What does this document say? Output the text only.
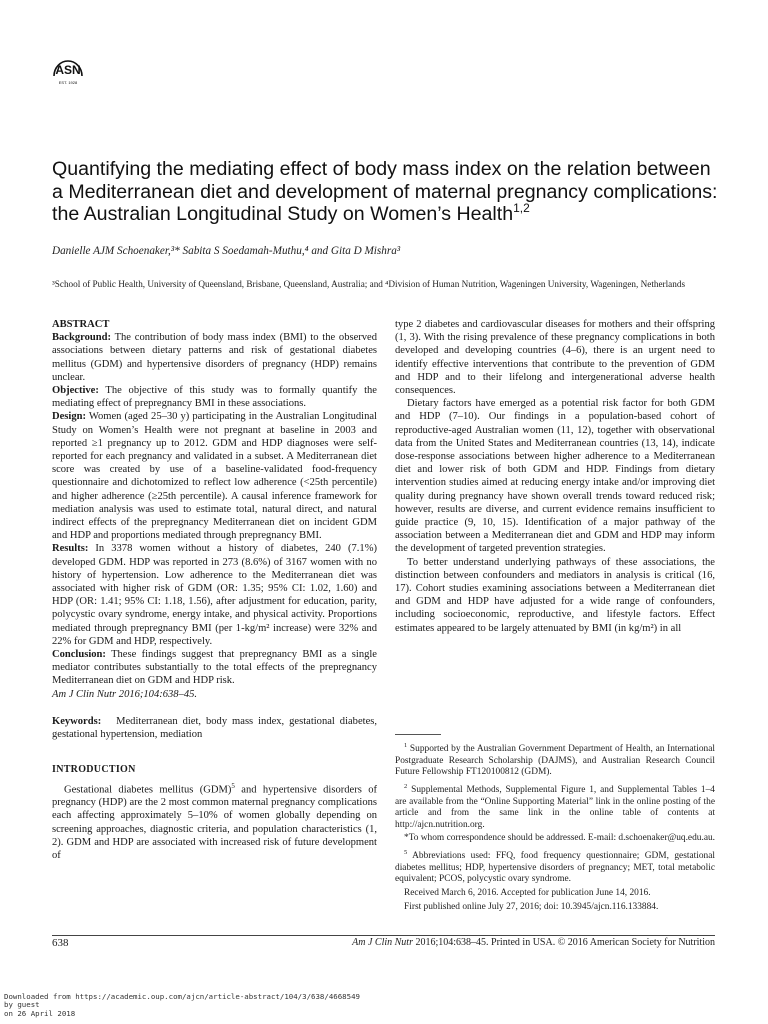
ASN
EST. 1928
Quantifying the mediating effect of body mass index on the relation between a Mediterranean diet and development of maternal pregnancy complications: the Australian Longitudinal Study on Women’s Health$^{1,2}$
Danielle AJM Schoenaker,³* Sabita S Soedamah-Muthu,⁴ and Gita D Mishra³
³School of Public Health, University of Queensland, Brisbane, Queensland, Australia; and ⁴Division of Human Nutrition, Wageningen University, Wageningen, Netherlands

ABSTRACT

Background: The contribution of body mass index (BMI) to the observed associations between dietary patterns and risk of gestational diabetes mellitus (GDM) and hypertensive disorders of pregnancy (HDP) remains unclear.

Objective: The objective of this study was to formally quantify the mediating effect of prepregnancy BMI in these associations.

Design: Women (aged 25–30 y) participating in the Australian Longitudinal Study on Women’s Health were not pregnant at baseline in 2003 and reported ≥1 pregnancy up to 2012. GDM and HDP diagnoses were self-reported for each pregnancy and validated in a subset. A Mediterranean diet score was created by use of a baseline-validated food-frequency questionnaire and dichotomized to reflect low adherence (<25th percentile) and higher adherence (≥25th percentile). A causal inference framework for mediation analysis was used to estimate total, natural direct, and natural indirect effects of the prepregnancy Mediterranean diet on incident GDM and HDP and proportions mediated through prepregnancy BMI.

Results: In 3378 women without a history of diabetes, 240 (7.1%) developed GDM. HDP was reported in 273 (8.6%) of 3167 women with no history of hypertension. Low adherence to the Mediterranean diet was associated with higher risk of GDM (OR: 1.35; 95% CI: 1.02, 1.60) and HDP (OR: 1.41; 95% CI: 1.18, 1.56), after adjustment for education, parity, polycystic ovary syndrome, energy intake, and physical activity. Proportions mediated through prepregnancy BMI (per 1-kg/m² increase) were 32% and 22% for GDM and HDP, respectively.

Conclusion: These findings suggest that prepregnancy BMI as a single mediator contributes substantially to the total effects of the prepregnancy Mediterranean diet on GDM and HDP risk.

Am J Clin Nutr 2016;104:638–45.

Keywords: Mediterranean diet, body mass index, gestational diabetes, gestational hypertension, mediation

INTRODUCTION

Gestational diabetes mellitus (GDM)$^5$ and hypertensive disorders of pregnancy (HDP) are the 2 most common maternal pregnancy complications each affecting approximately 5–10% of women globally depending on screening approaches, diagnostic criteria, and population characteristics (1, 2). GDM and HDP are associated with increased risk of future development of

type 2 diabetes and cardiovascular diseases for mothers and their offspring (1, 3). With the rising prevalence of these pregnancy complications in both developed and developing countries (4–6), there is an urgent need to identify effective interventions that contribute to the prevention of GDM and HDP and to their lifelong and intergenerational adverse health consequences.

Dietary factors have emerged as a potential risk factor for both GDM and HDP (7–10). Our findings in a population-based cohort of reproductive-aged Australian women (11, 12), together with observational data from the United States and Mediterranean countries (13, 14), indicate dose-response associations between higher adherence to a Mediterranean diet and lower risk of both GDM and HDP. Findings from dietary intervention studies aimed at reducing energy intake and/or improving diet quality during pregnancy have shown overall trends toward reduced risk; however, results are diverse, and current evidence remains insufficient to guide practice (9, 10, 15). Identification of a major pathway of the association between a Mediterranean diet and GDM and HDP may inform the development of targeted prevention strategies.

To better understand underlying pathways of these associations, the distinction between confounders and mediators in analysis is critical (16, 17). Cohort studies examining associations between a Mediterranean diet and GDM and HDP have adjusted for a wide range of confounders, including socioeconomic, reproductive, and lifestyle factors. Effect estimates appeared to be largely attenuated by BMI (in kg/m²) in all

$^1$ Supported by the Australian Government Department of Health, an International Postgraduate Research Scholarship (DAJMS), and Australian Research Council Future Fellowship FT120100812 (GDM).

$^2$ Supplemental Methods, Supplemental Figure 1, and Supplemental Tables 1–4 are available from the “Online Supporting Material” link in the online posting of the article and from the same link in the online table of contents at http://ajcn.nutrition.org.

*To whom correspondence should be addressed. E-mail: d.schoenaker@uq.edu.au.

$^5$ Abbreviations used: FFQ, food frequency questionnaire; GDM, gestational diabetes mellitus; HDP, hypertensive disorders of pregnancy; MET, total metabolic equivalent; PCOS, polycystic ovary syndrome.

Received March 6, 2016. Accepted for publication June 14, 2016.

First published online July 27, 2016; doi: 10.3945/ajcn.116.133884.

638	Am J Clin Nutr 2016;104:638–45. Printed in USA. © 2016 American Society for Nutrition
Downloaded from https://academic.oup.com/ajcn/article-abstract/104/3/638/4668549
by guest
on 26 April 2018
